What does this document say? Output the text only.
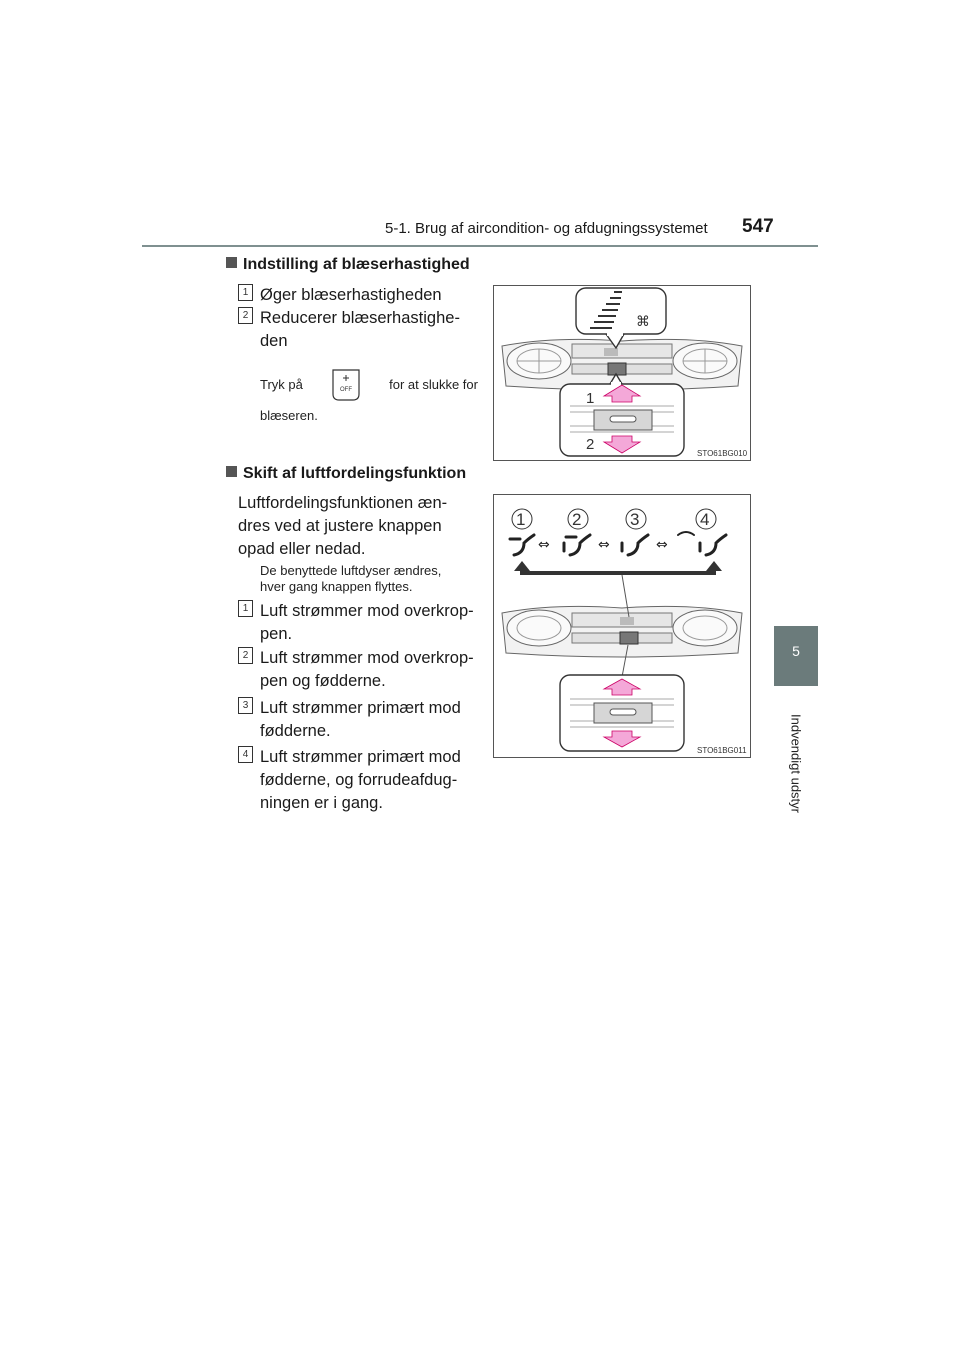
5-1. Brug af aircondition- og afdugningssystemet 547
5
Indvendigt udstyr
Indstilling af blæserhastighed
1 Øger blæserhastigheden
2 Reducerer blæserhastighe-
den
Tryk på	OFF	for at slukke for
blæseren.
⌘
1
2
STO61BG010
Skift af luftfordelingsfunktion
Luftfordelingsfunktionen æn-
dres ved at justere knappen
opad eller nedad.
De benyttede luftdyser ændres,
hver gang knappen flyttes.
1 Luft strømmer mod overkrop-
pen.
2 Luft strømmer mod overkrop-
pen og fødderne.
3 Luft strømmer primært mod
fødderne.
4 Luft strømmer primært mod
fødderne, og forrudeafdug-
ningen er i gang.
1	2	3	4
⇔	⇔	⇔
STO61BG011
